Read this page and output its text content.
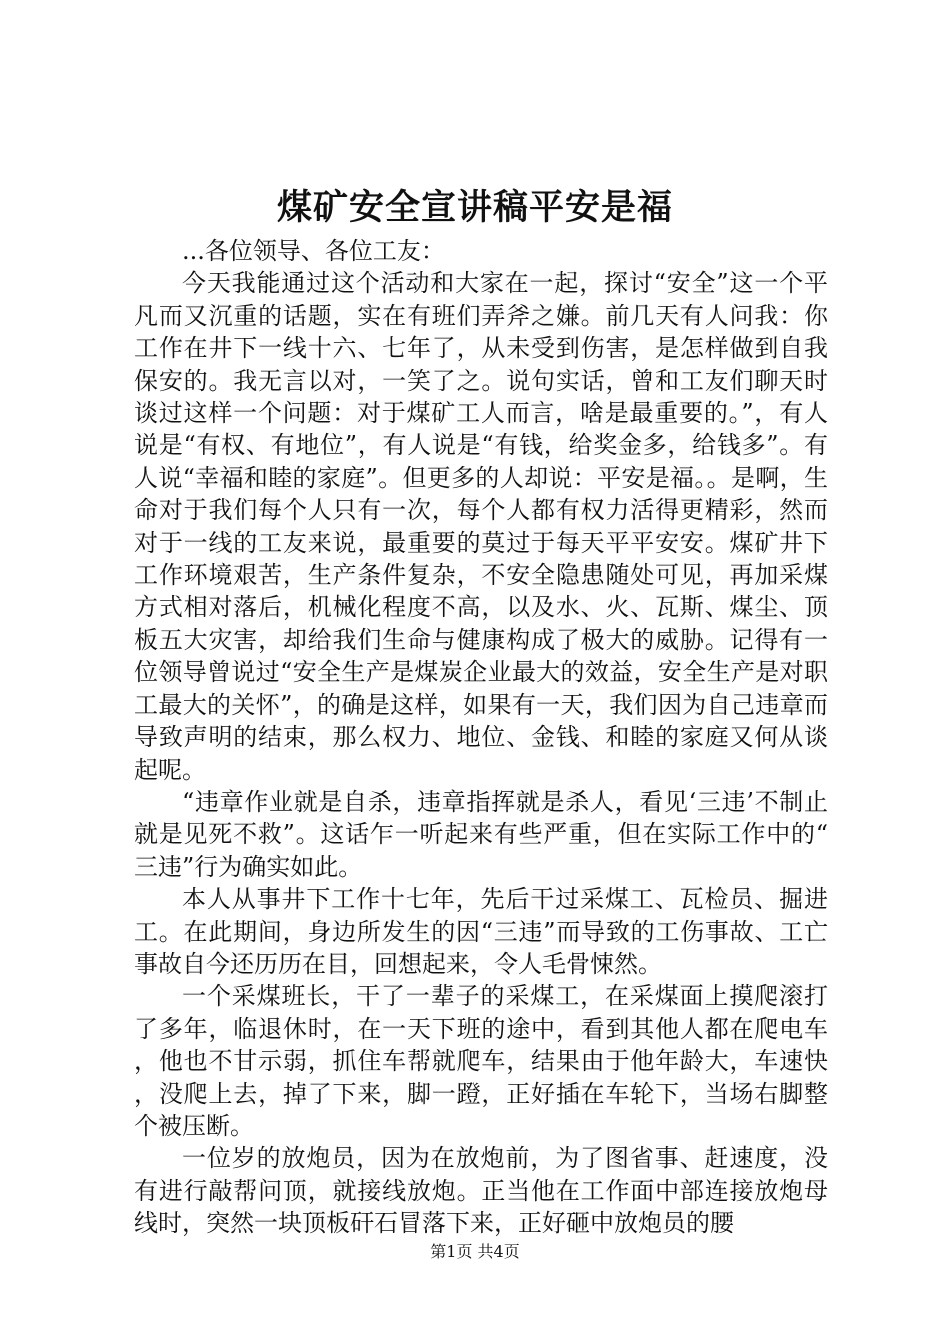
煤矿安全宣讲稿平安是福

...各位领导、各位工友：

今天我能通过这个活动和大家在一起，探讨“安全”这一个平凡而又沉重的话题，实在有班们弄斧之嫌。前几天有人问我：你工作在井下一线十六、七年了，从未受到伤害，是怎样做到自我保安的。我无言以对，一笑了之。说句实话，曾和工友们聊天时谈过这样一个问题：对于煤矿工人而言，啥是最重要的。”，有人说是“有权、有地位”，有人说是“有钱，给奖金多，给钱多”。有人说“幸福和睦的家庭”。但更多的人却说：平安是福。。是啊，生命对于我们每个人只有一次，每个人都有权力活得更精彩，然而对于一线的工友来说，最重要的莫过于每天平平安安。煤矿井下工作环境艰苦，生产条件复杂，不安全隐患随处可见，再加采煤方式相对落后，机械化程度不高，以及水、火、瓦斯、煤尘、顶板五大灾害，却给我们生命与健康构成了极大的威胁。记得有一位领导曾说过“安全生产是煤炭企业最大的效益，安全生产是对职工最大的关怀”，的确是这样，如果有一天，我们因为自己违章而导致声明的结束，那么权力、地位、金钱、和睦的家庭又何从谈起呢。

“违章作业就是自杀，违章指挥就是杀人，看见‘三违’不制止就是见死不救”。这话乍一听起来有些严重，但在实际工作中的“三违”行为确实如此。

本人从事井下工作十七年，先后干过采煤工、瓦检员、掘进工。在此期间，身边所发生的因“三违”而导致的工伤事故、工亡事故自今还历历在目，回想起来，令人毛骨悚然。

一个采煤班长，干了一辈子的采煤工，在采煤面上摸爬滚打了多年，临退休时，在一天下班的途中，看到其他人都在爬电车，他也不甘示弱，抓住车帮就爬车，结果由于他年龄大，车速快，没爬上去，掉了下来，脚一蹬，正好插在车轮下，当场右脚整个被压断。

一位岁的放炮员，因为在放炮前，为了图省事、赶速度，没有进行敲帮问顶，就接线放炮。正当他在工作面中部连接放炮母线时，突然一块顶板矸石冒落下来，正好砸中放炮员的腰

第1页 共4页
